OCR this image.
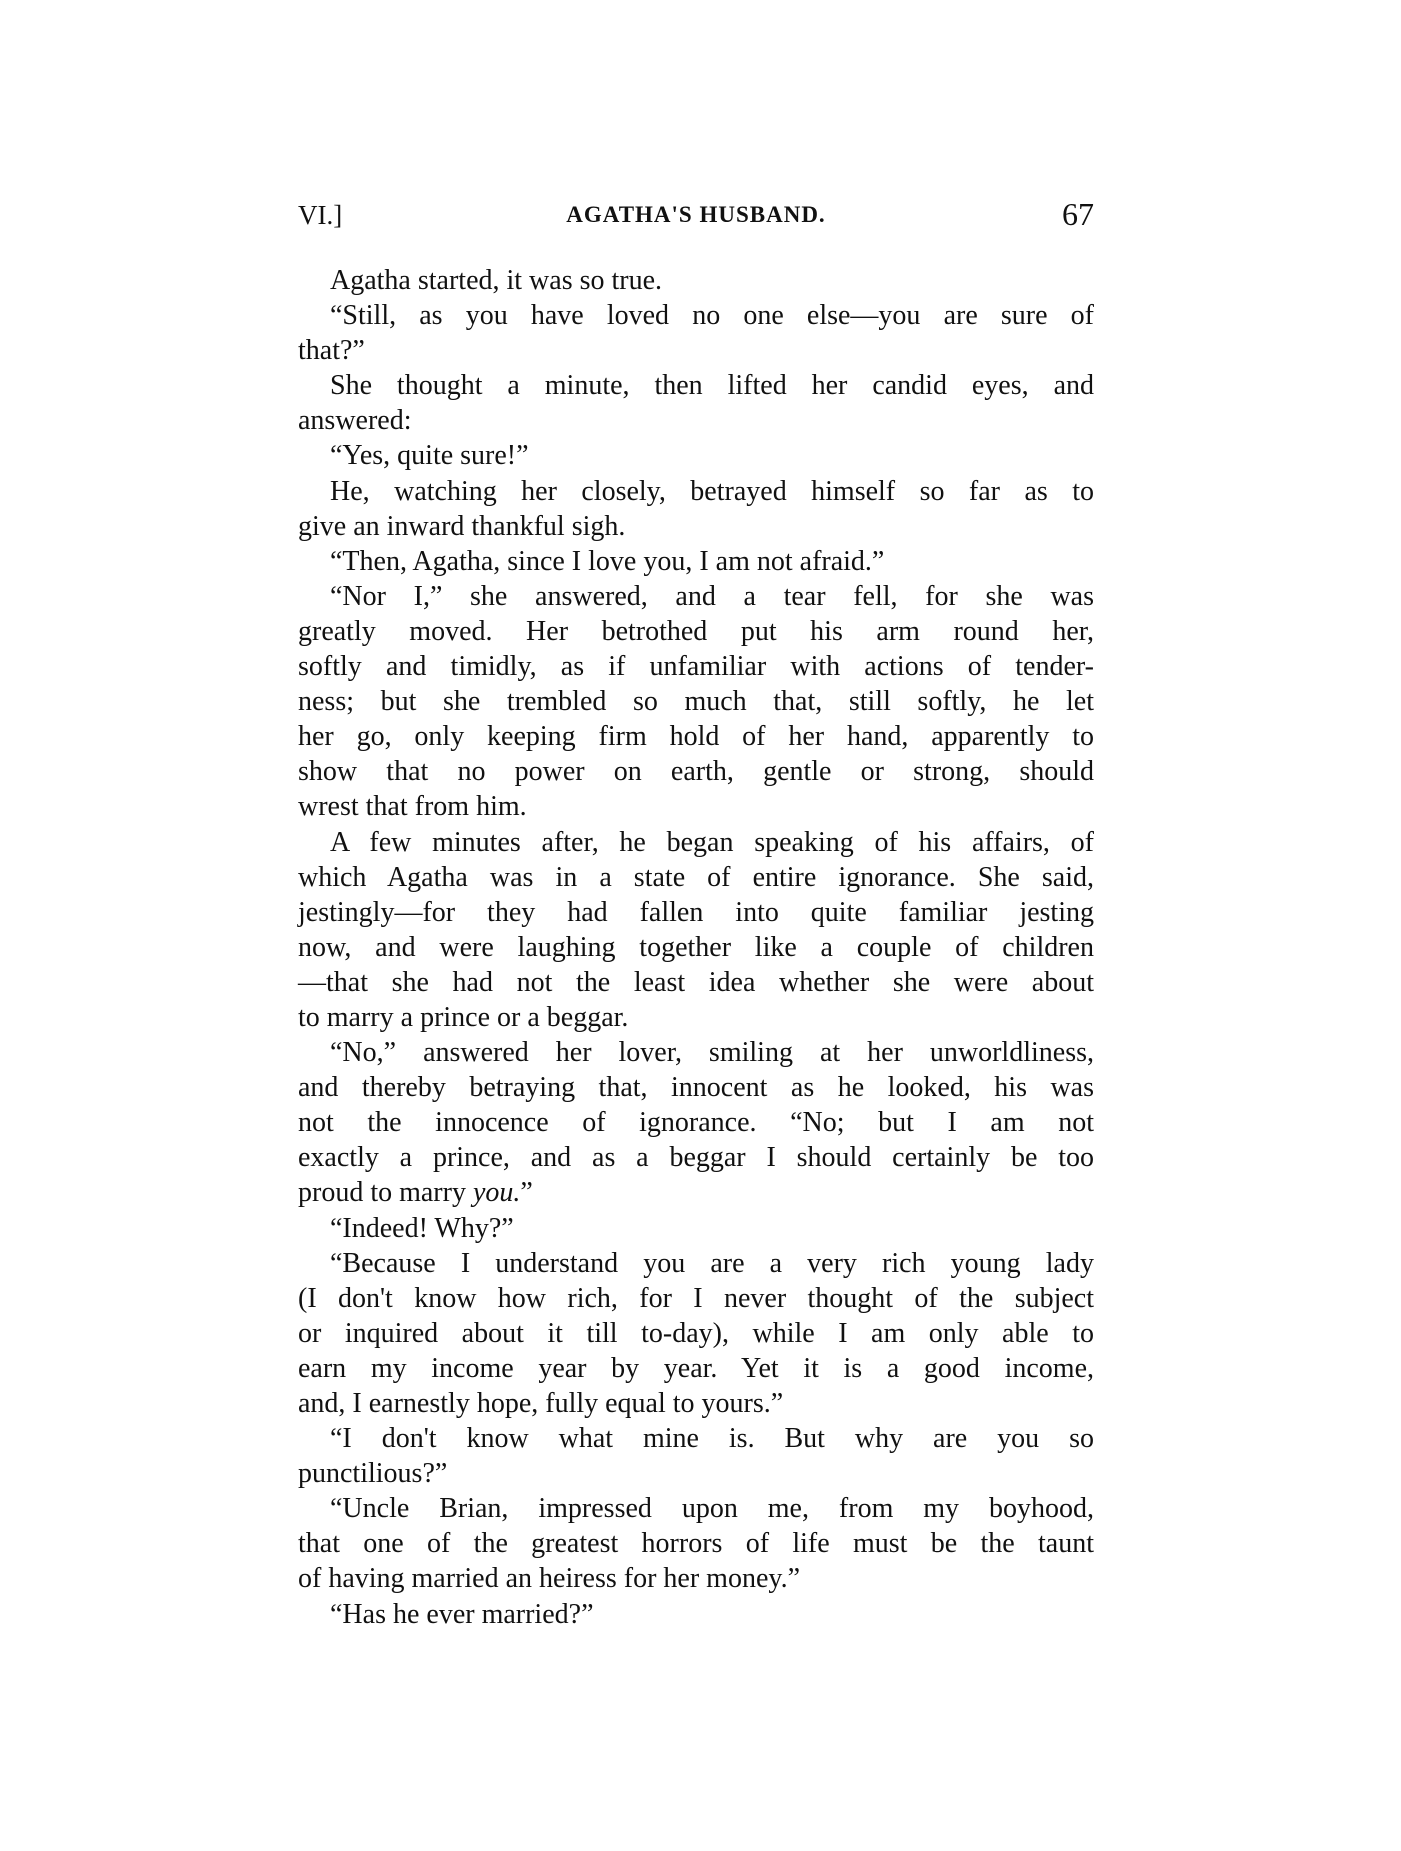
VI.]	AGATHA'S HUSBAND.	67
Agatha started, it was so true.
“Still, as you have loved no one else—you are sure of
that?”
She thought a minute, then lifted her candid eyes, and
answered:
“Yes, quite sure!”
He, watching her closely, betrayed himself so far as to
give an inward thankful sigh.
“Then, Agatha, since I love you, I am not afraid.”
“Nor I,” she answered, and a tear fell, for she was
greatly moved. Her betrothed put his arm round her,
softly and timidly, as if unfamiliar with actions of tender-
ness; but she trembled so much that, still softly, he let
her go, only keeping firm hold of her hand, apparently to
show that no power on earth, gentle or strong, should
wrest that from him.
A few minutes after, he began speaking of his affairs, of
which Agatha was in a state of entire ignorance. She said,
jestingly—for they had fallen into quite familiar jesting
now, and were laughing together like a couple of children
—that she had not the least idea whether she were about
to marry a prince or a beggar.
“No,” answered her lover, smiling at her unworldliness,
and thereby betraying that, innocent as he looked, his was
not the innocence of ignorance. “No; but I am not
exactly a prince, and as a beggar I should certainly be too
proud to marry you.”
“Indeed! Why?”
“Because I understand you are a very rich young lady
(I don't know how rich, for I never thought of the subject
or inquired about it till to-day), while I am only able to
earn my income year by year. Yet it is a good income,
and, I earnestly hope, fully equal to yours.”
“I don't know what mine is. But why are you so
punctilious?”
“Uncle Brian, impressed upon me, from my boyhood,
that one of the greatest horrors of life must be the taunt
of having married an heiress for her money.”
“Has he ever married?”
